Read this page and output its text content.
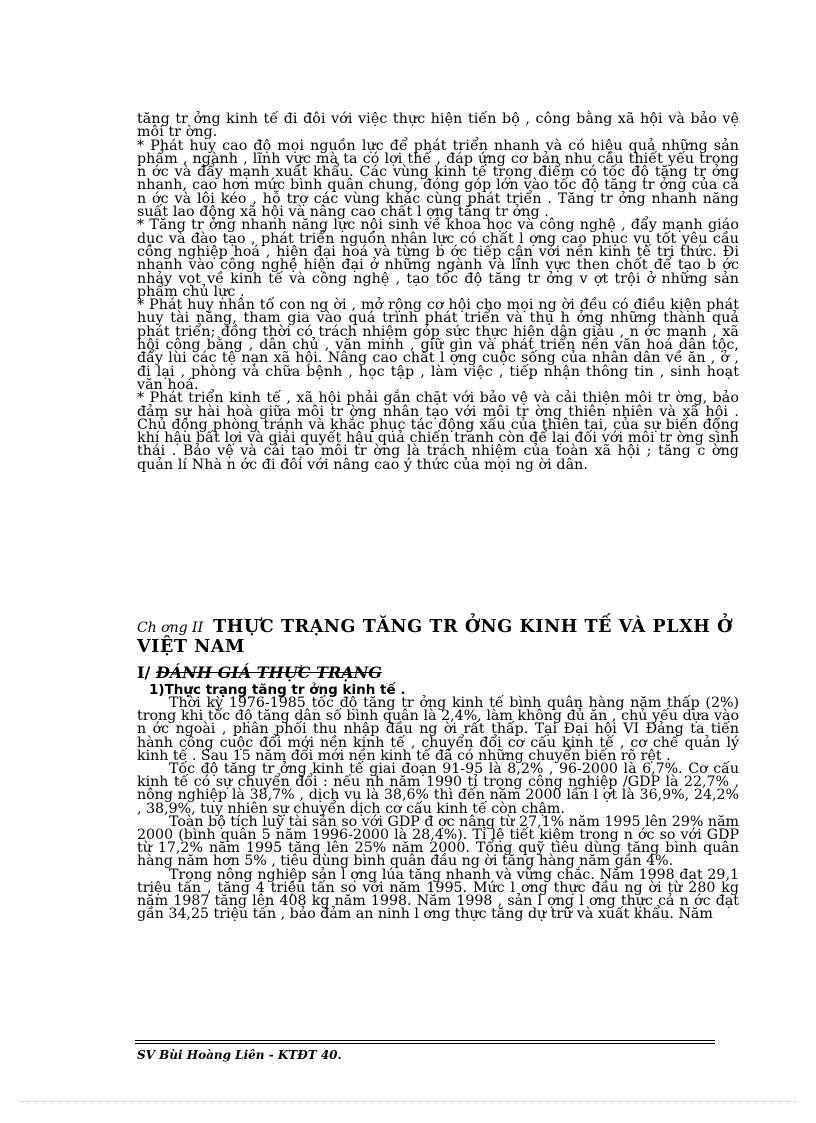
tăng tr ởng kinh tế đi đôi với việc thực hiện tiến bộ , công bằng xã hội và bảo vệ môi tr ờng.

* Phát huy cao độ mọi nguồn lực để phát triển nhanh và có hiệu quả những sản phẩm , ngành , lĩnh vực mà ta có lợi thế , đáp ứng cơ bản nhu cầu thiết yếu trong n ớc và đẩy mạnh xuất khẩu. Các vùng kinh tế trọng điểm có tốc độ tăng tr ởng nhanh, cao hơn mức bình quân chung, đóng góp lớn vào tốc độ tăng tr ởng của cả n ớc và lôi kéo , hỗ trợ các vùng khác cùng phát triển . Tăng tr ởng nhanh năng suất lao động xã hội và nâng cao chất l ợng tăng tr ởng .

* Tăng tr ởng nhanh năng lực nội sinh về khoa học và công nghệ , đẩy mạnh giáo dục và đào tạo , phát triển nguồn nhân lực có chất l ợng cao phục vụ tốt yêu cầu công nghiệp hoá , hiện đại hoá và từng b ớc tiếp cận với nền kinh tế tri thức. Đi nhanh vào công nghệ hiện đại ở những ngành và lĩnh vực then chốt để tạo b ớc nhảy vọt về kinh tế và công nghệ , tạo tốc độ tăng tr ởng v ợt trội ở những sản phẩm chủ lực .

* Phát huy nhân tố con ng ời , mở rộng cơ hội cho mọi ng ời đều có điều kiện phát huy tài năng, tham gia vào quá trình phát triển và thụ h ởng những thành quả phát triển; đồng thời có trách nhiệm góp sức thực hiện dân giàu , n ớc mạnh , xã hội công bằng , dân chủ , văn minh , giữ gìn và phát triển nền văn hoá dân tộc, đẩy lùi các tệ nạn xã hội. Nâng cao chất l ợng cuộc sống của nhân dân về ăn , ở , đi lại , phòng và chữa bệnh , học tập , làm việc , tiếp nhận thông tin , sinh hoạt văn hoá.

* Phát triển kinh tế , xã hội phải gắn chặt với bảo vệ và cải thiện môi tr ờng, bảo đảm sự hài hoà giữa môi tr ờng nhân tạo với môi tr ờng thiên nhiên và xã hội . Chủ động phòng tránh và khắc phục tác động xấu của thiên tai, của sự biến động khí hậu bất lợi và giải quyết hậu quả chiến tranh còn để lại đối với môi tr ờng sinh thái . Bảo vệ và cải tạo môi tr ờng là trách nhiệm của toàn xã hội ; tăng c ờng quản lí Nhà n ớc đi đôi với nâng cao ý thức của mọi ng ời dân.

Ch ơng II THỰC TRẠNG TĂNG TR ỞNG KINH TẾ VÀ PLXH Ở VIỆT NAM
I/ ĐÁNH GIÁ THỰC TRẠNG
1)Thực trạng tăng tr ởng kinh tế .

Thời kỳ 1976-1985 tốc độ tăng tr ởng kinh tế bình quân hàng năm thấp (2%) trong khi tốc độ tăng dân số bình quân là 2,4%, làm không đủ ăn , chủ yếu dựa vào n ớc ngoài , phân phối thu nhập đầu ng ời rất thấp. Tại Đại hội VI Đảng ta tiến hành công cuộc đổi mới nền kinh tế , chuyển đổi cơ cấu kinh tế , cơ chế quản lý kinh tế . Sau 15 năm đổi mới nền kinh tế đã có những chuyển biến rõ rệt .

Tốc độ tăng tr ởng kinh tế giai đoạn 91-95 là 8,2% , 96-2000 là 6,7%. Cơ cấu kinh tế có sự chuyển đổi : nếu nh năm 1990 tỉ trọng công nghiệp /GDP là 22,7% , nông nghiệp là 38,7% , dịch vụ là 38,6% thì đến năm 2000 lần l ợt là 36,9%, 24,2% , 38,9%, tuy nhiên sự chuyển dịch cơ cấu kinh tế còn chậm.

Toàn bộ tích luỹ tài sản so với GDP đ ợc nâng từ 27,1% năm 1995 lên 29% năm 2000 (bình quân 5 năm 1996-2000 là 28,4%). Tỉ lệ tiết kiệm trong n ớc so với GDP từ 17,2% năm 1995 tăng lên 25% năm 2000. Tổng quỹ tiêu dùng tăng bình quân hàng năm hơn 5% , tiêu dùng bình quân đầu ng ời tăng hàng năm gần 4%.

Trong nông nghiệp sản l ợng lúa tăng nhanh và vững chắc. Năm 1998 đạt 29,1 triệu tấn , tăng 4 triệu tấn so với năm 1995. Mức l ơng thực đầu ng ời từ 280 kg năm 1987 tăng lên 408 kg năm 1998. Năm 1998 , sản l ợng l ơng thực cả n ớc đạt gần 34,25 triệu tấn , bảo đảm an ninh l ơng thực tăng dự trữ và xuất khẩu. Năm

SV Bùi Hoàng Liên - KTĐT 40.
